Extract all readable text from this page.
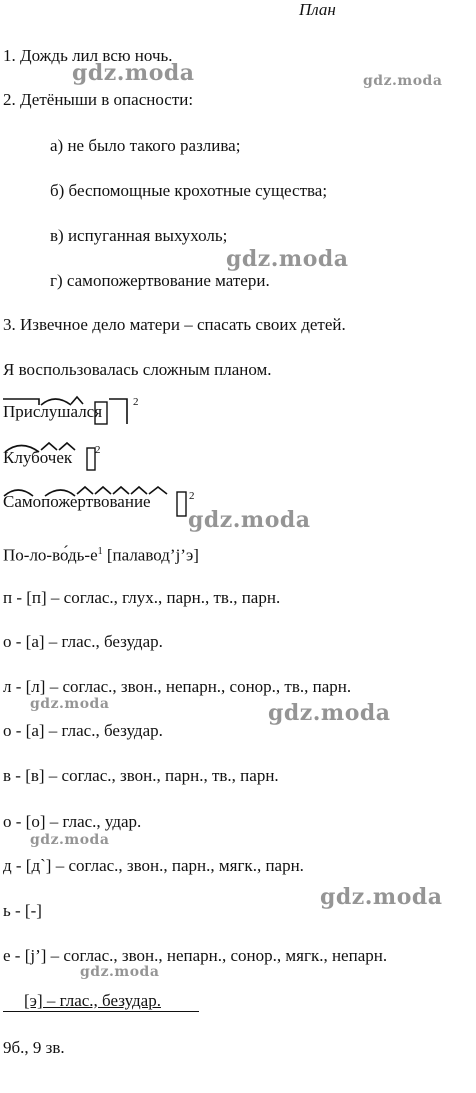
План
1. Дождь лил всю ночь.
2. Детёныши в опасности:
а) не было такого разлива;
б) беспомощные крохотные существа;
в) испуганная выхухоль;
г) самопожертвование матери.
3. Извечное дело матери – спасать своих детей.
Я воспользовалась сложным планом.
Прислушался	2
Клубочек 2
Самопожертвование	2
$По-ло-во́дь-е^1$ [палавод’j’э]
п - [п] – соглас., глух., парн., тв., парн.
о - [а] – глас., безудар.
л - [л] – соглас., звон., непарн., сонор., тв., парн.
о - [а] – глас., безудар.
в - [в] – соглас., звон., парн., тв., парн.
о - [о] – глас., удар.
д - [д`] – соглас., звон., парн., мягк., парн.
ь - [-]
е - [j’] – соглас., звон., непарн., сонор., мягк., непарн.
[э] – глас., безудар.
9б., 9 зв.
gdz.moda	gdz.moda
gdz.moda
gdz.moda
gdz.moda	gdz.moda
gdz.moda
gdz.moda
gdz.moda
